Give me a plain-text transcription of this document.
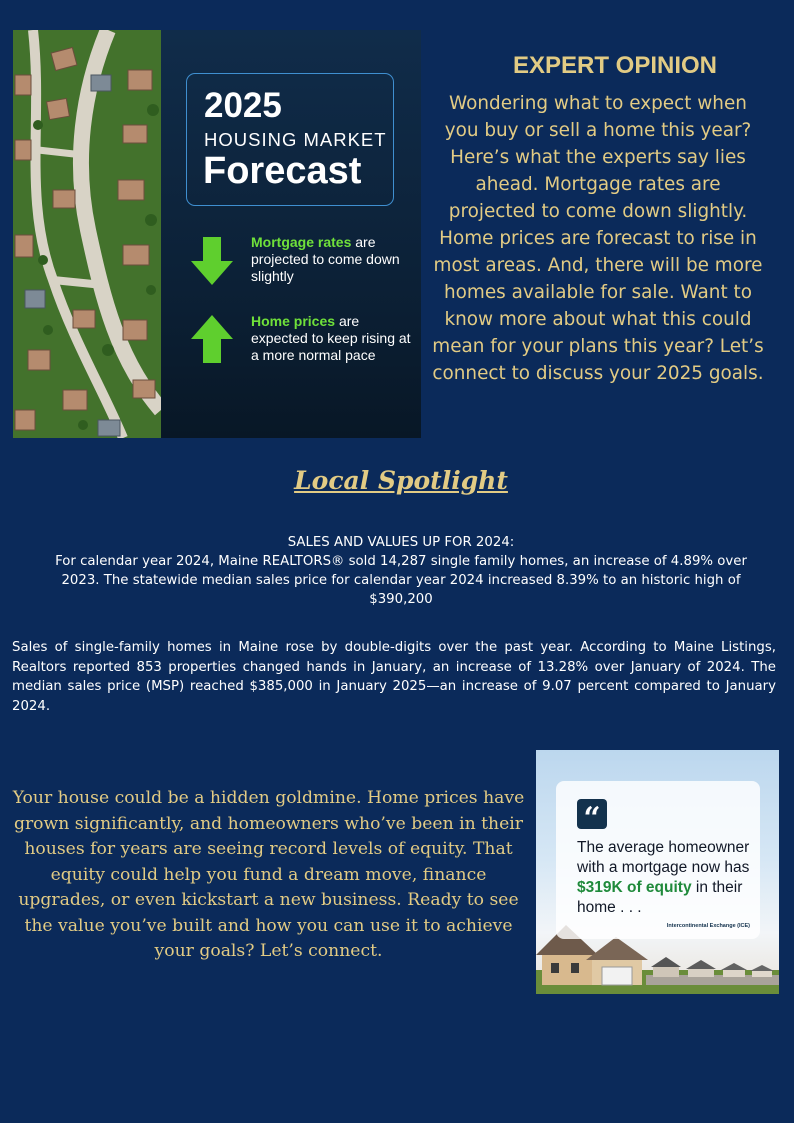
2025
HOUSING MARKET
Forecast
Mortgage rates are projected to come down slightly
Home prices are expected to keep rising at a more normal pace
EXPERT OPINION
Wondering what to expect when you buy or sell a home this year? Here’s what the experts say lies ahead. Mortgage rates are projected to come down slightly. Home prices are forecast to rise in most areas. And, there will be more homes available for sale. Want to know more about what this could mean for your plans this year? Let’s connect to discuss your 2025 goals.
Local Spotlight
SALES AND VALUES UP FOR 2024:
For calendar year 2024, Maine REALTORS® sold 14,287 single family homes, an increase of 4.89% over 2023. The statewide median sales price for calendar year 2024 increased 8.39% to an historic high of $390,200
Sales of single-family homes in Maine rose by double-digits over the past year. According to Maine Listings, Realtors reported 853 properties changed hands in January, an increase of 13.28% over January of 2024. The median sales price (MSP) reached $385,000 in January 2025—an increase of 9.07 percent compared to January 2024.
Your house could be a hidden goldmine. Home prices have grown significantly, and homeowners who’ve been in their houses for years are seeing record levels of equity. That equity could help you fund a dream move, finance upgrades, or even kickstart a new business. Ready to see the value you’ve built and how you can use it to achieve your goals? Let’s connect.
“
The average homeowner with a mortgage now has $319K of equity in their home . . .
Intercontinental Exchange (ICE)
